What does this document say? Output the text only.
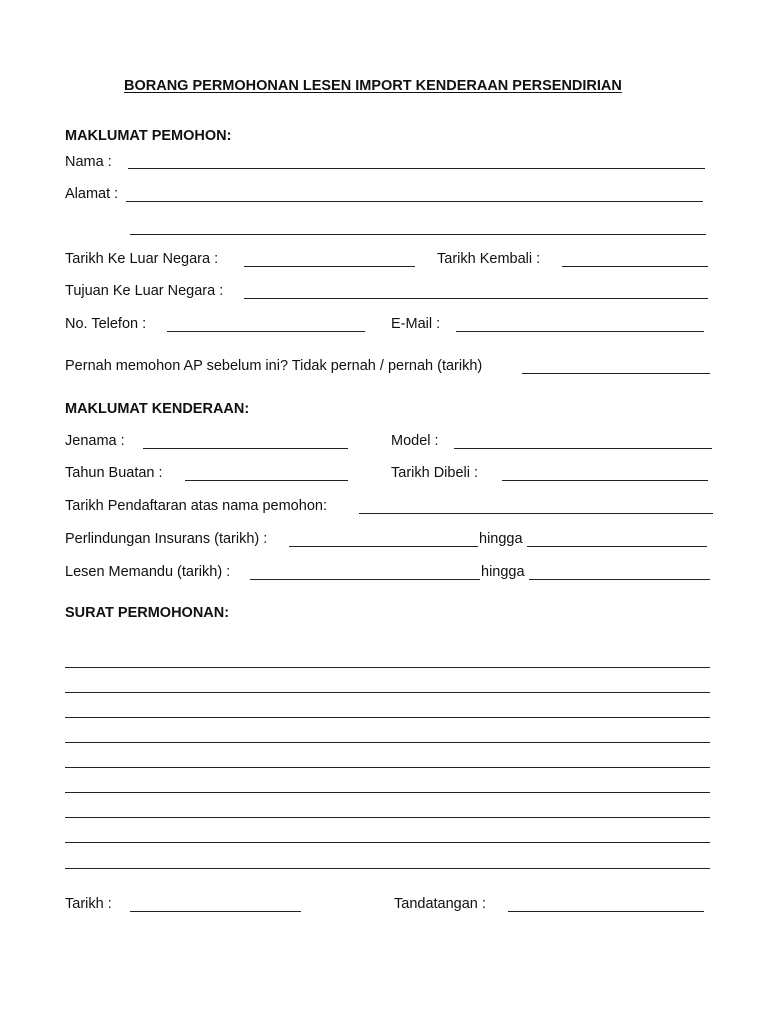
BORANG PERMOHONAN LESEN IMPORT KENDERAAN PERSENDIRIAN
MAKLUMAT PEMOHON:
Nama :
Alamat :
Tarikh Ke Luar Negara :	Tarikh Kembali :
Tujuan Ke Luar Negara :
No. Telefon :	E-Mail :
Pernah memohon AP sebelum ini? Tidak pernah / pernah (tarikh)
MAKLUMAT KENDERAAN:
Jenama :	Model :
Tahun Buatan :	Tarikh Dibeli :
Tarikh Pendaftaran atas nama pemohon:
Perlindungan Insurans (tarikh) :	hingga
Lesen Memandu (tarikh) :	hingga
SURAT PERMOHONAN:
Tarikh :	Tandatangan :
